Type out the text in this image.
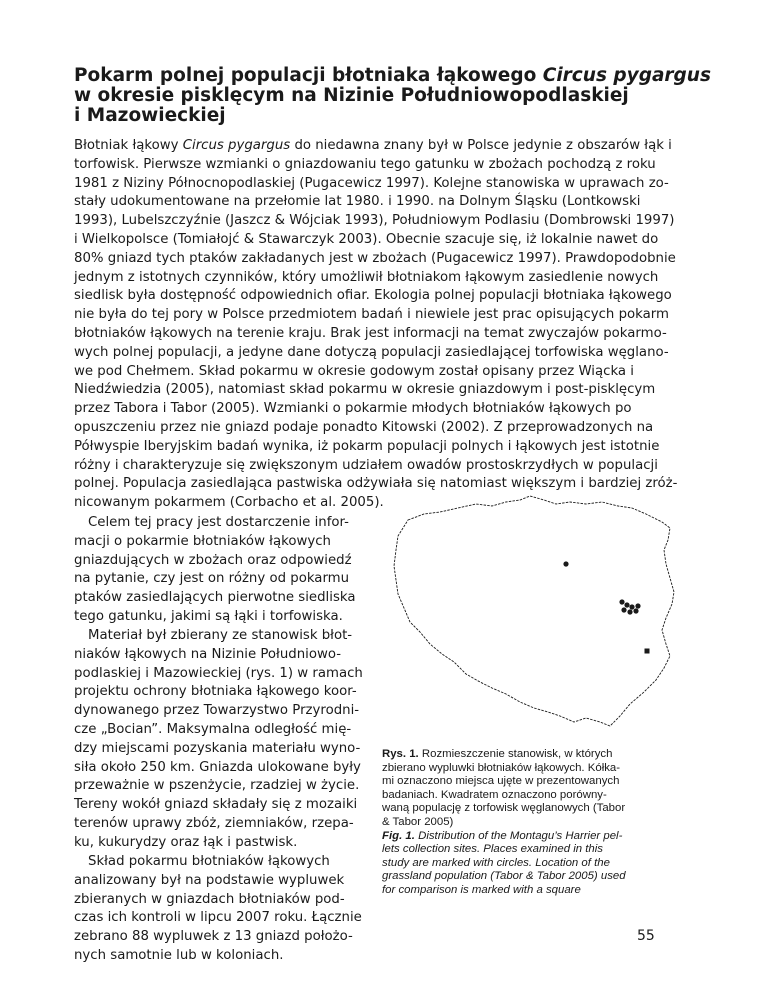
Pokarm polnej populacji błotniaka łąkowego Circus pygargus
w okresie pisklęcym na Nizinie Południowopodlaskiej
i Mazowieckiej
Błotniak łąkowy Circus pygargus do niedawna znany był w Polsce jedynie z obszarów łąk i
torfowisk. Pierwsze wzmianki o gniazdowaniu tego gatunku w zbożach pochodzą z roku
1981 z Niziny Północnopodlaskiej (Pugacewicz 1997). Kolejne stanowiska w uprawach zo-
stały udokumentowane na przełomie lat 1980. i 1990. na Dolnym Śląsku (Lontkowski
1993), Lubelszczyźnie (Jaszcz & Wójciak 1993), Południowym Podlasiu (Dombrowski 1997)
i Wielkopolsce (Tomiałojć & Stawarczyk 2003). Obecnie szacuje się, iż lokalnie nawet do
80% gniazd tych ptaków zakładanych jest w zbożach (Pugacewicz 1997). Prawdopodobnie
jednym z istotnych czynników, który umożliwił błotniakom łąkowym zasiedlenie nowych
siedlisk była dostępność odpowiednich ofiar. Ekologia polnej populacji błotniaka łąkowego
nie była do tej pory w Polsce przedmiotem badań i niewiele jest prac opisujących pokarm
błotniaków łąkowych na terenie kraju. Brak jest informacji na temat zwyczajów pokarmo-
wych polnej populacji, a jedyne dane dotyczą populacji zasiedlającej torfowiska węglano-
we pod Chełmem. Skład pokarmu w okresie godowym został opisany przez Wiącka i
Niedźwiedzia (2005), natomiast skład pokarmu w okresie gniazdowym i post-pisklęcym
przez Tabora i Tabor (2005). Wzmianki o pokarmie młodych błotniaków łąkowych po
opuszczeniu przez nie gniazd podaje ponadto Kitowski (2002). Z przeprowadzonych na
Półwyspie Iberyjskim badań wynika, iż pokarm populacji polnych i łąkowych jest istotnie
różny i charakteryzuje się zwiększonym udziałem owadów prostoskrzydłych w populacji
polnej. Populacja zasiedlająca pastwiska odżywiała się natomiast większym i bardziej zróż-
nicowanym pokarmem (Corbacho et al. 2005).
Celem tej pracy jest dostarczenie infor-
macji o pokarmie błotniaków łąkowych
gniazdujących w zbożach oraz odpowiedź
na pytanie, czy jest on różny od pokarmu
ptaków zasiedlających pierwotne siedliska
tego gatunku, jakimi są łąki i torfowiska.
Materiał był zbierany ze stanowisk błot-
niaków łąkowych na Nizinie Południowo-
podlaskiej i Mazowieckiej (rys. 1) w ramach
projektu ochrony błotniaka łąkowego koor-
dynowanego przez Towarzystwo Przyrodni-
cze „Bocian”. Maksymalna odległość mię-
dzy miejscami pozyskania materiału wyno-
siła około 250 km. Gniazda ulokowane były
przeważnie w pszenżycie, rzadziej w życie.
Tereny wokół gniazd składały się z mozaiki
terenów uprawy zbóż, ziemniaków, rzepa-
ku, kukurydzy oraz łąk i pastwisk.
Skład pokarmu błotniaków łąkowych
analizowany był na podstawie wypluwek
zbieranych w gniazdach błotniaków pod-
czas ich kontroli w lipcu 2007 roku. Łącznie
zebrano 88 wypluwek z 13 gniazd położo-
nych samotnie lub w koloniach.
Rys. 1. Rozmieszczenie stanowisk, w których
zbierano wypluwki błotniaków łąkowych. Kółka-
mi oznaczono miejsca ujęte w prezentowanych
badaniach. Kwadratem oznaczono porówny-
waną populację z torfowisk węglanowych (Tabor
& Tabor 2005)
Fig. 1. Distribution of the Montagu’s Harrier pel-
lets collection sites. Places examined in this
study are marked with circles. Location of the
grassland population (Tabor & Tabor 2005) used
for comparison is marked with a square
55
